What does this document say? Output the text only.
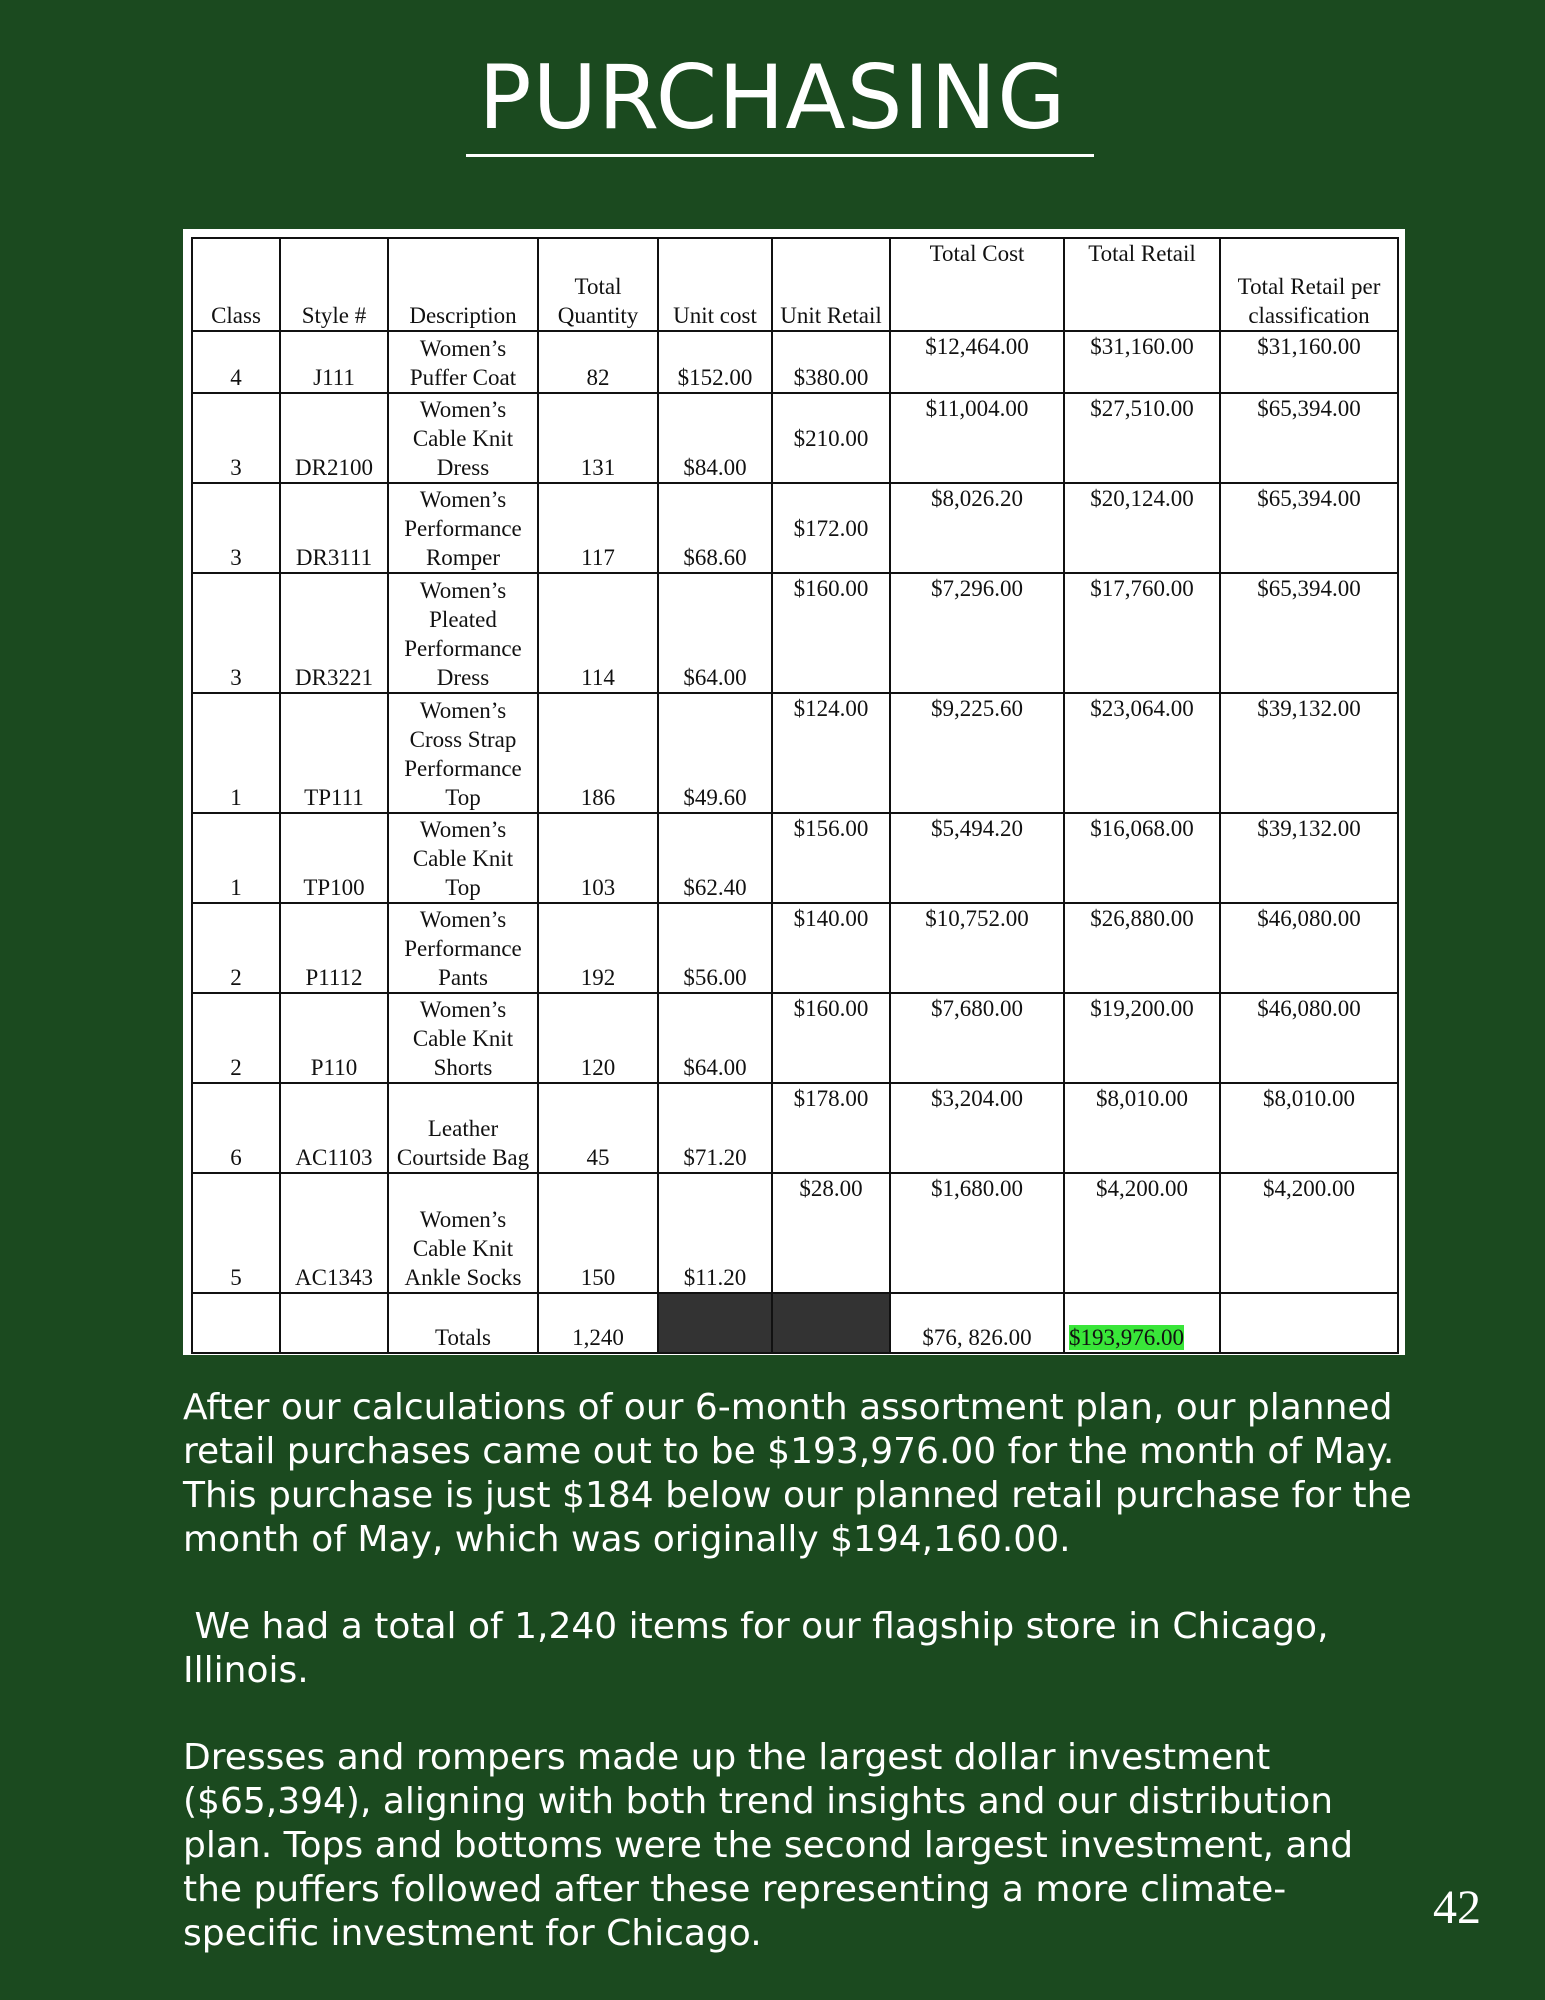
PURCHASING
Class	Style #	Description	Total Quantity	Unit cost	Unit Retail	Total Cost	Total Retail	Total Retail per classification
4	J111	Women’s Puffer Coat	82	$152.00	$380.00	$12,464.00	$31,160.00	$31,160.00
3	DR2100	Women’s Cable Knit Dress	131	$84.00	$210.00	$11,004.00	$27,510.00	$65,394.00
3	DR3111	Women’s Performance Romper	117	$68.60	$172.00	$8,026.20	$20,124.00	$65,394.00
3	DR3221	Women’s Pleated Performance Dress	114	$64.00	$160.00	$7,296.00	$17,760.00	$65,394.00
1	TP111	Women’s Cross Strap Performance Top	186	$49.60	$124.00	$9,225.60	$23,064.00	$39,132.00
1	TP100	Women’s Cable Knit Top	103	$62.40	$156.00	$5,494.20	$16,068.00	$39,132.00
2	P1112	Women’s Performance Pants	192	$56.00	$140.00	$10,752.00	$26,880.00	$46,080.00
2	P110	Women’s Cable Knit Shorts	120	$64.00	$160.00	$7,680.00	$19,200.00	$46,080.00
6	AC1103	Leather Courtside Bag	45	$71.20	$178.00	$3,204.00	$8,010.00	$8,010.00
5	AC1343	Women’s Cable Knit Ankle Socks	150	$11.20	$28.00	$1,680.00	$4,200.00	$4,200.00
		Totals	1,240			$76, 826.00	$193,976.00	

After our calculations of our 6-month assortment plan, our planned retail purchases came out to be $193,976.00 for the month of May. This purchase is just $184 below our planned retail purchase for the month of May, which was originally $194,160.00.

We had a total of 1,240 items for our flagship store in Chicago, Illinois.

Dresses and rompers made up the largest dollar investment ($65,394), aligning with both trend insights and our distribution plan. Tops and bottoms were the second largest investment, and the puffers followed after these representing a more climate-specific investment for Chicago.	42
